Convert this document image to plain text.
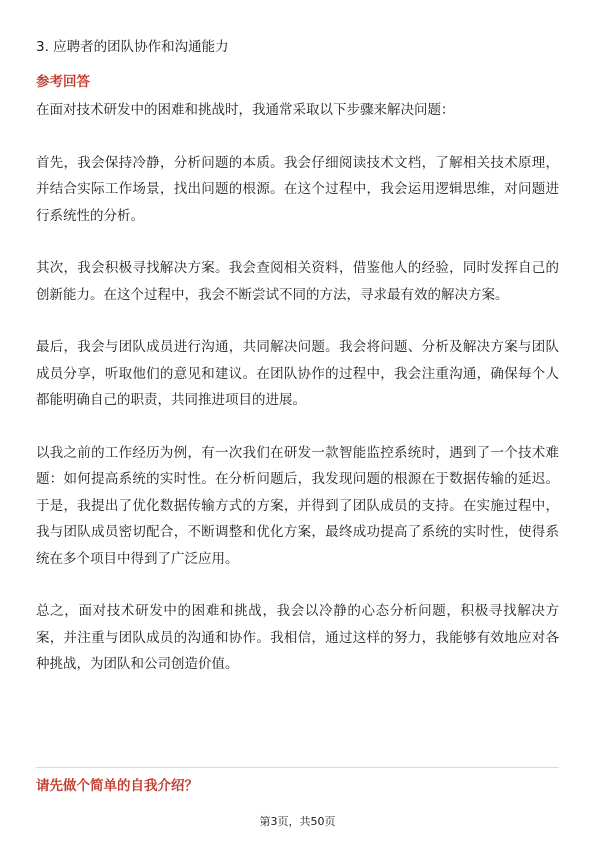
3. 应聘者的团队协作和沟通能力
参考回答

在面对技术研发中的困难和挑战时，我通常采取以下步骤来解决问题：

首先，我会保持冷静，分析问题的本质。我会仔细阅读技术文档，了解相关技术原理，并结合实际工作场景，找出问题的根源。在这个过程中，我会运用逻辑思维，对问题进行系统性的分析。

其次，我会积极寻找解决方案。我会查阅相关资料，借鉴他人的经验，同时发挥自己的创新能力。在这个过程中，我会不断尝试不同的方法，寻求最有效的解决方案。

最后，我会与团队成员进行沟通，共同解决问题。我会将问题、分析及解决方案与团队成员分享，听取他们的意见和建议。在团队协作的过程中，我会注重沟通，确保每个人都能明确自己的职责，共同推进项目的进展。

以我之前的工作经历为例，有一次我们在研发一款智能监控系统时，遇到了一个技术难题：如何提高系统的实时性。在分析问题后，我发现问题的根源在于数据传输的延迟。于是，我提出了优化数据传输方式的方案，并得到了团队成员的支持。在实施过程中，我与团队成员密切配合，不断调整和优化方案，最终成功提高了系统的实时性，使得系统在多个项目中得到了广泛应用。

总之，面对技术研发中的困难和挑战，我会以冷静的心态分析问题，积极寻找解决方案，并注重与团队成员的沟通和协作。我相信，通过这样的努力，我能够有效地应对各种挑战，为团队和公司创造价值。

请先做个简单的自我介绍？
第3页，共50页
